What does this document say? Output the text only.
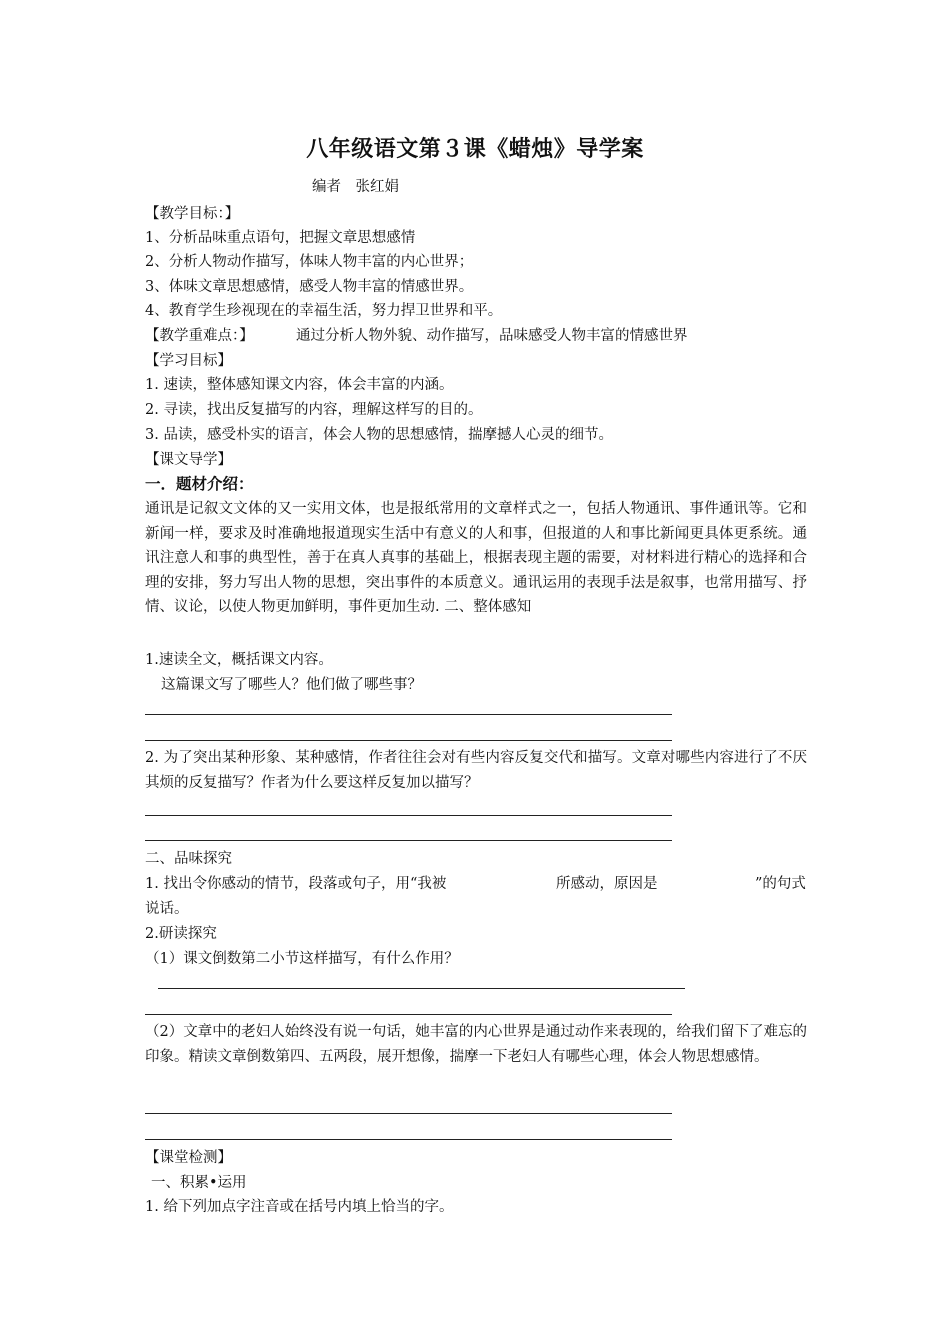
八年级语文第３课《蜡烛》导学案
编者　张红娟
【教学目标：】
1、分析品味重点语句，把握文章思想感情
2、分析人物动作描写，体味人物丰富的内心世界；
3、体味文章思想感情，感受人物丰富的情感世界。
4、教育学生珍视现在的幸福生活，努力捍卫世界和平。
【教学重难点：】	通过分析人物外貌、动作描写，品味感受人物丰富的情感世界
【学习目标】
1. 速读，整体感知课文内容，体会丰富的内涵。
2. 寻读，找出反复描写的内容，理解这样写的目的。
3. 品读，感受朴实的语言，体会人物的思想感情，揣摩撼人心灵的细节。
【课文导学】
一．题材介绍：
通讯是记叙文文体的又一实用文体，也是报纸常用的文章样式之一，包括人物通讯、事件通讯等。它和新闻一样，要求及时准确地报道现实生活中有意义的人和事，但报道的人和事比新闻更具体更系统。通讯注意人和事的典型性，善于在真人真事的基础上，根据表现主题的需要，对材料进行精心的选择和合理的安排，努力写出人物的思想，突出事件的本质意义。通讯运用的表现手法是叙事，也常用描写、抒情、议论，以使人物更加鲜明，事件更加生动. 二、整体感知
1.速读全文，概括课文内容。
这篇课文写了哪些人？他们做了哪些事？
2. 为了突出某种形象、某种感情，作者往往会对有些内容反复交代和描写。文章对哪些内容进行了不厌其烦的反复描写？作者为什么要这样反复加以描写？
二、品味探究
1. 找出令你感动的情节，段落或句子，用“我被	所感动，原因是	”的句式
说话。
2.研读探究
（1）课文倒数第二小节这样描写，有什么作用？
（2）文章中的老妇人始终没有说一句话，她丰富的内心世界是通过动作来表现的，给我们留下了难忘的印象。精读文章倒数第四、五两段，展开想像，揣摩一下老妇人有哪些心理，体会人物思想感情。
【课堂检测】
一、积累•运用
1. 给下列加点字注音或在括号内填上恰当的字。
